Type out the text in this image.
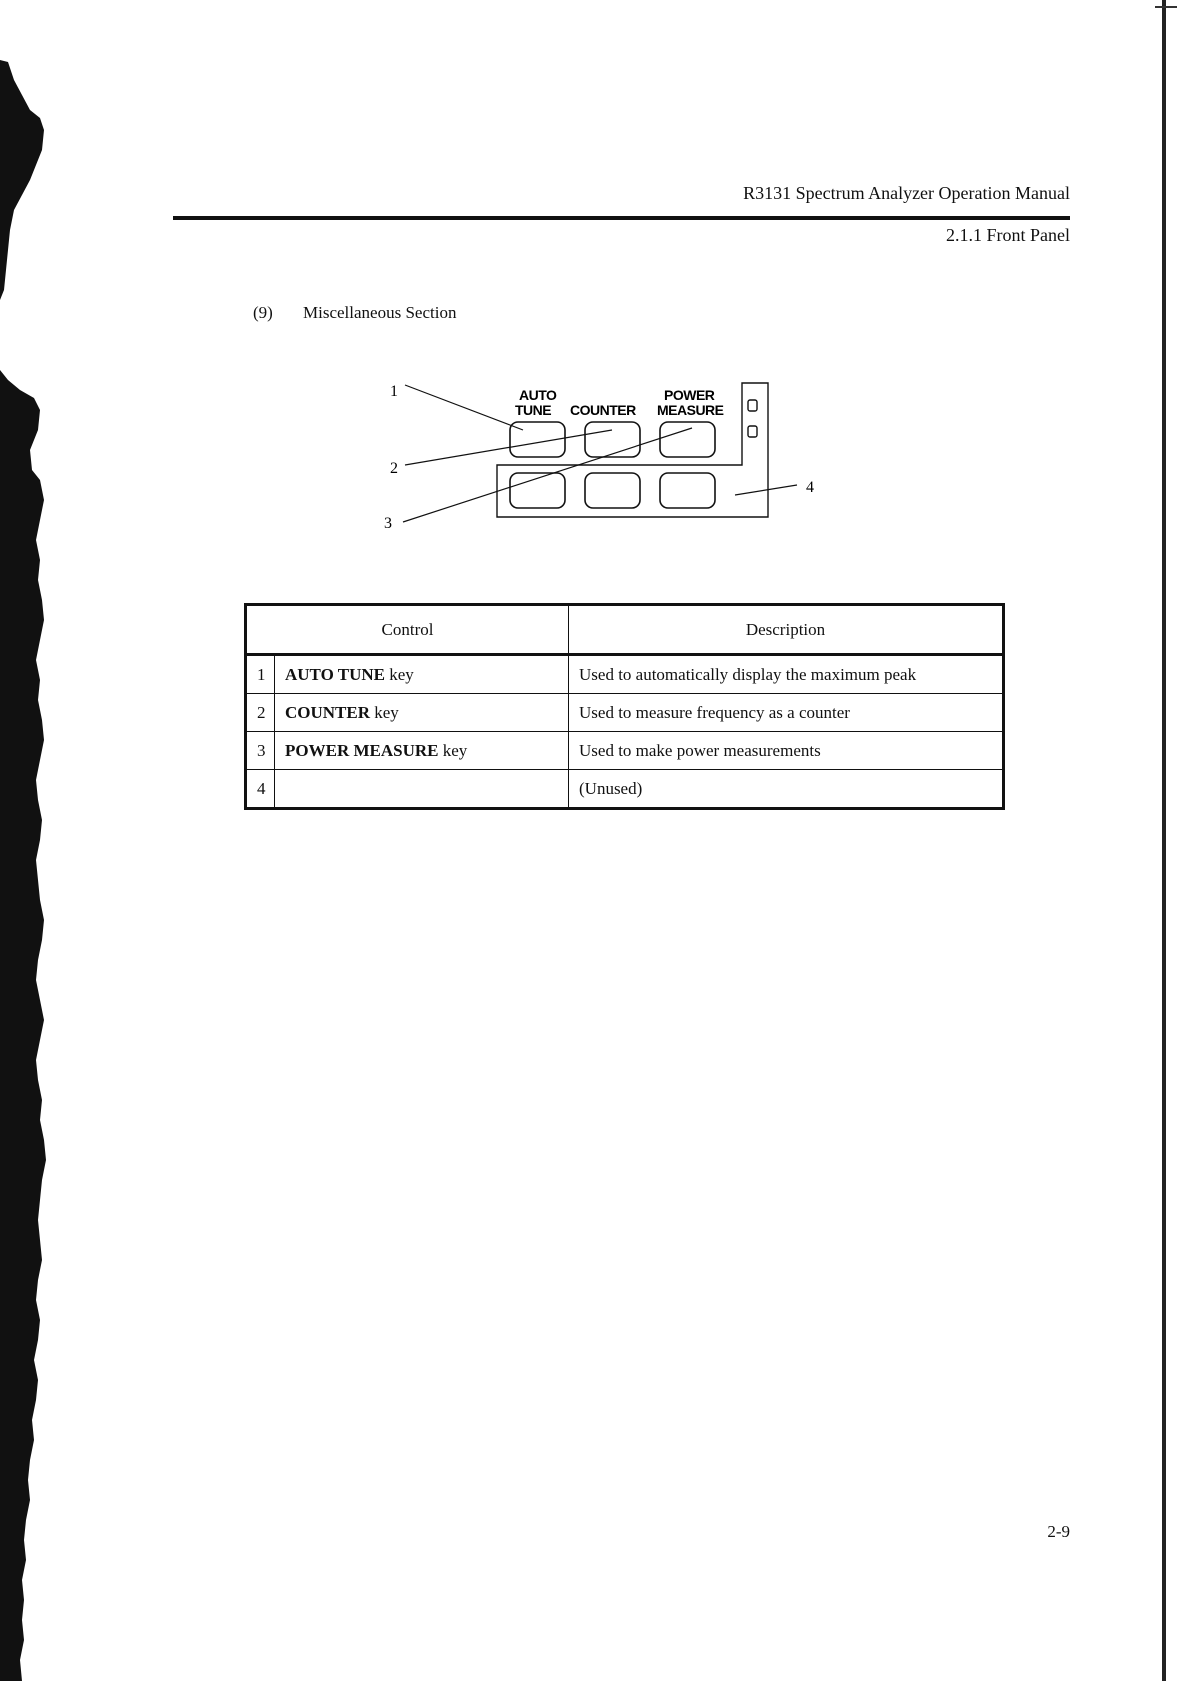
R3131 Spectrum Analyzer Operation Manual
2.1.1 Front Panel
(9) Miscellaneous Section
AUTO
TUNE COUNTER
POWER
MEASURE
1
2
3
4
Control		Description
1	AUTO TUNE key	Used to automatically display the maximum peak
2	COUNTER key	Used to measure frequency as a counter
3	POWER MEASURE key	Used to make power measurements
4		(Unused)
2-9
